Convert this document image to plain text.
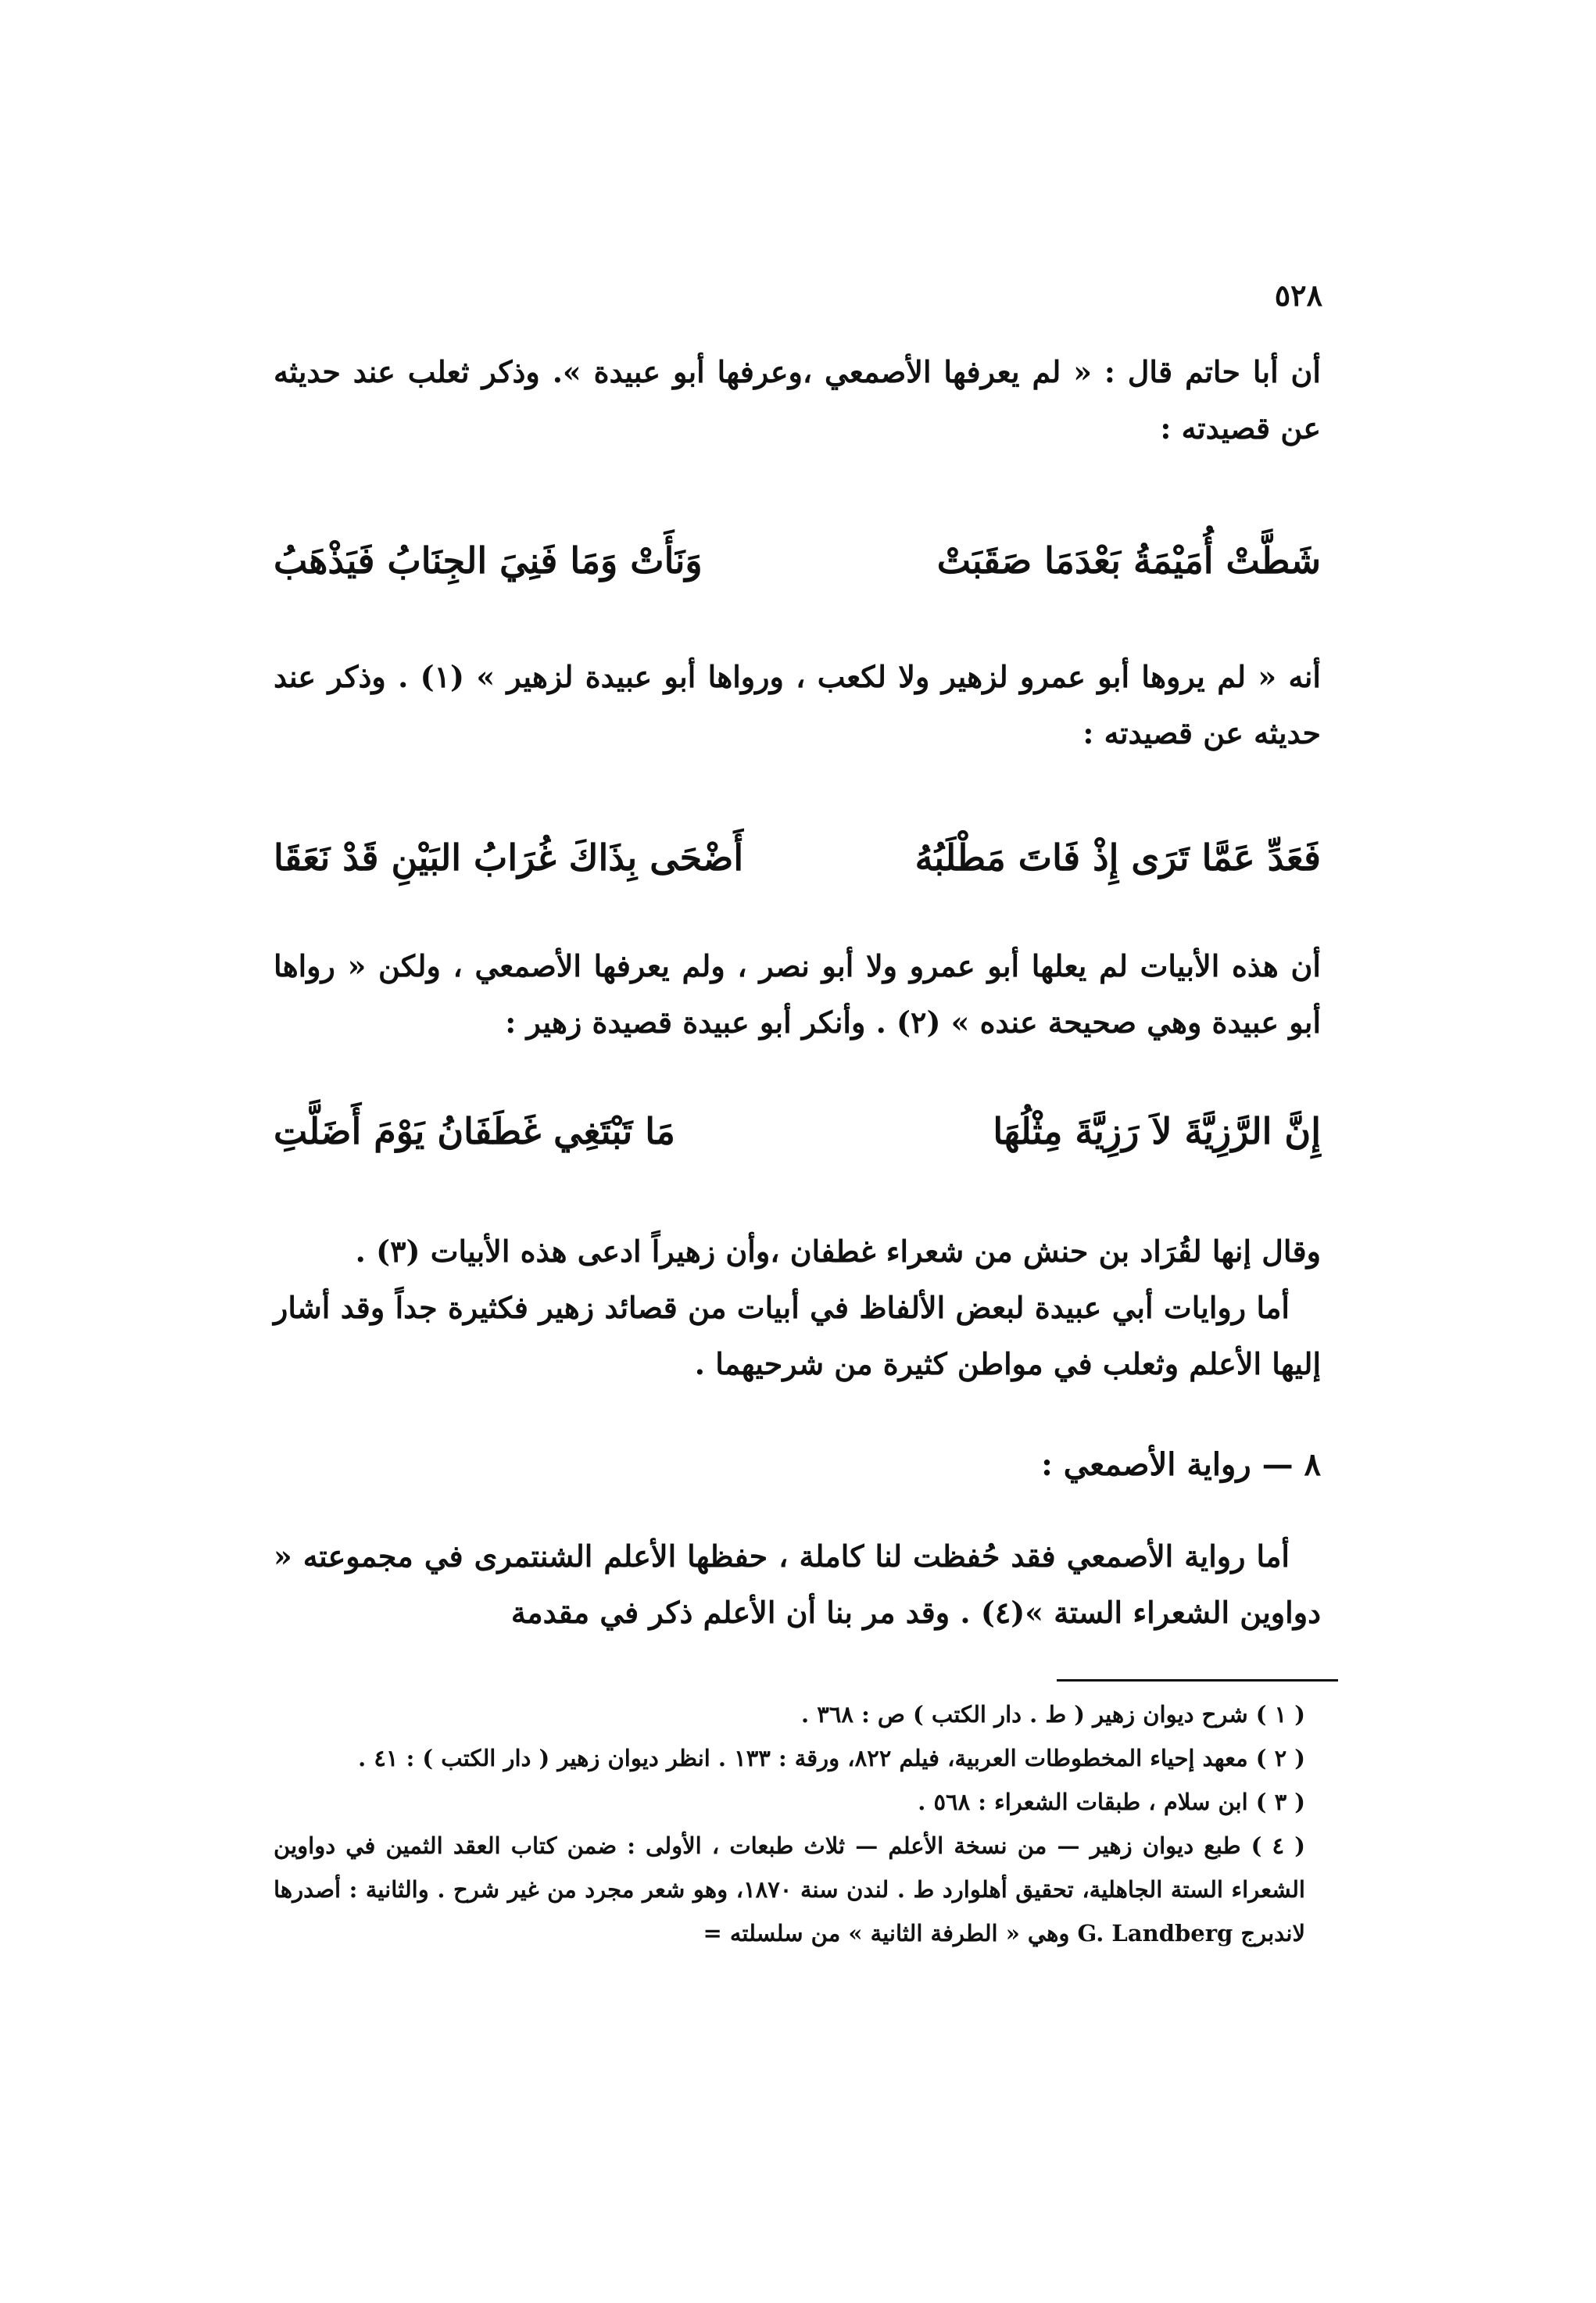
٥٢٨

أن أبا حاتم قال : « لم يعرفها الأصمعي ،وعرفها أبو عبيدة ». وذكر ثعلب عند حديثه عن قصيدته :

شَطَّتْ أُمَيْمَةُ بَعْدَمَا صَقَبَتْ
وَنَأَتْ وَمَا فَنِيَ الجِنَابُ فَيَذْهَبُ

أنه « لم يروها أبو عمرو لزهير ولا لكعب ، ورواها أبو عبيدة لزهير » (١) . وذكر عند حديثه عن قصيدته :

فَعَدِّ عَمَّا تَرَى إِذْ فَاتَ مَطْلَبُهُ
أَضْحَى بِذَاكَ غُرَابُ البَيْنِ قَدْ نَعَقَا

أن هذه الأبيات لم يعلها أبو عمرو ولا أبو نصر ، ولم يعرفها الأصمعي ، ولكن « رواها أبو عبيدة وهي صحيحة عنده » (٢) . وأنكر أبو عبيدة قصيدة زهير :

إِنَّ الرَّزِيَّةَ لاَ رَزِيَّةَ مِثْلُهَا
مَا تَبْتَغِي غَطَفَانُ يَوْمَ أَضَلَّتِ

وقال إنها لقُرَاد بن حنش من شعراء غطفان ،وأن زهيراً ادعى هذه الأبيات (٣) .

أما روايات أبي عبيدة لبعض الألفاظ في أبيات من قصائد زهير فكثيرة جداً وقد أشار إليها الأعلم وثعلب في مواطن كثيرة من شرحيهما .

٨ — رواية الأصمعي :

أما رواية الأصمعي فقد حُفظت لنا كاملة ، حفظها الأعلم الشنتمرى في مجموعته « دواوين الشعراء الستة »(٤) . وقد مر بنا أن الأعلم ذكر في مقدمة

( ١ ) شرح ديوان زهير ( ط . دار الكتب ) ص : ٣٦٨ .

( ٢ ) معهد إحياء المخطوطات العربية، فيلم ٨٢٢، ورقة : ١٣٣ . انظر ديوان زهير ( دار الكتب ) : ٤١ .

( ٣ ) ابن سلام ، طبقات الشعراء : ٥٦٨ .

( ٤ ) طبع ديوان زهير — من نسخة الأعلم — ثلاث طبعات ، الأولى : ضمن كتاب العقد الثمين في دواوين الشعراء الستة الجاهلية، تحقيق أهلوارد ط . لندن سنة ١٨٧٠، وهو شعر مجرد من غير شرح . والثانية : أصدرها لاندبرج G. Landberg وهي « الطرفة الثانية » من سلسلته =
